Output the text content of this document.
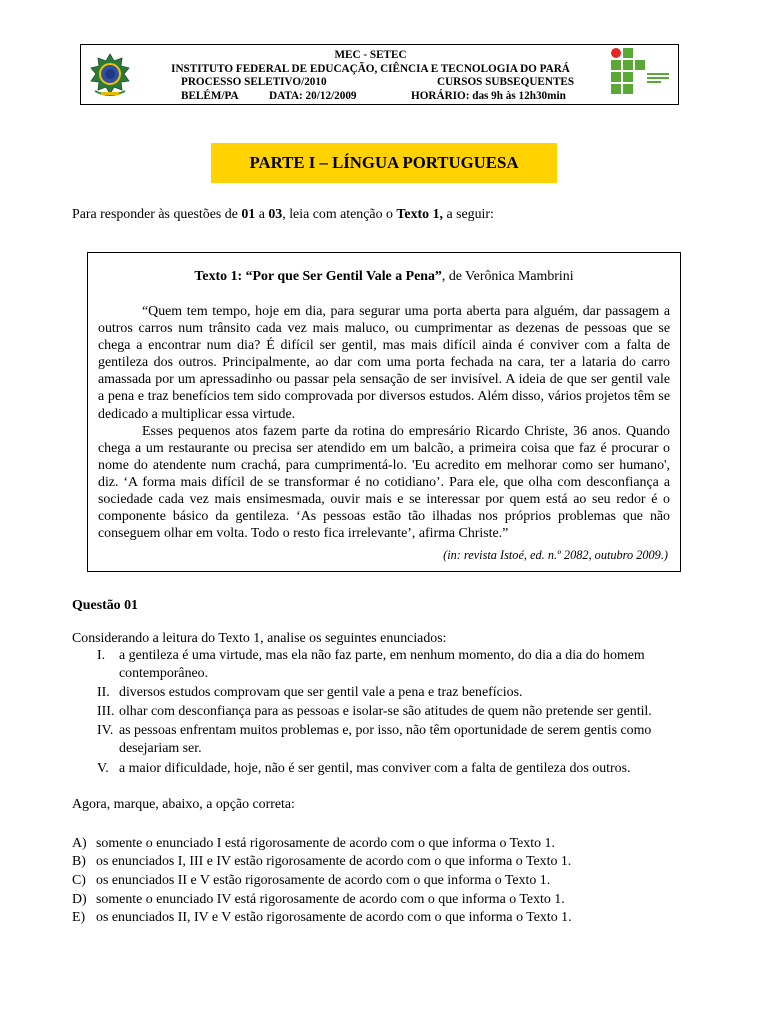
MEC - SETEC
INSTITUTO FEDERAL DE EDUCAÇÃO, CIÊNCIA E TECNOLOGIA DO PARÁ
PROCESSO SELETIVO/2010	CURSOS SUBSEQUENTES
BELÉM/PA	DATA: 20/12/2009	HORÁRIO: das 9h às 12h30min
PARTE I – LÍNGUA PORTUGUESA
Para responder às questões de 01 a 03, leia com atenção o Texto 1, a seguir:
Texto 1: “Por que Ser Gentil Vale a Pena”, de Verônica Mambrini

“Quem tem tempo, hoje em dia, para segurar uma porta aberta para alguém, dar passagem a outros carros num trânsito cada vez mais maluco, ou cumprimentar as dezenas de pessoas que se chega a encontrar num dia? É difícil ser gentil, mas mais difícil ainda é conviver com a falta de gentileza dos outros. Principalmente, ao dar com uma porta fechada na cara, ter a lataria do carro amassada por um apressadinho ou passar pela sensação de ser invisível. A ideia de que ser gentil vale a pena e traz benefícios tem sido comprovada por diversos estudos. Além disso, vários projetos têm se dedicado a multiplicar essa virtude.

Esses pequenos atos fazem parte da rotina do empresário Ricardo Christe, 36 anos. Quando chega a um restaurante ou precisa ser atendido em um balcão, a primeira coisa que faz é procurar o nome do atendente num crachá, para cumprimentá-lo. 'Eu acredito em melhorar como ser humano', diz. ‘A forma mais difícil de se transformar é no cotidiano’. Para ele, que olha com desconfiança a sociedade cada vez mais ensimesmada, ouvir mais e se interessar por quem está ao seu redor é o componente básico da gentileza. ‘As pessoas estão tão ilhadas nos próprios problemas que não conseguem olhar em volta. Todo o resto fica irrelevante’, afirma Christe.”

(in: revista Istoé, ed. n.º 2082, outubro 2009.)
Questão 01
Considerando a leitura do Texto 1, analise os seguintes enunciados:
I. a gentileza é uma virtude, mas ela não faz parte, em nenhum momento, do dia a dia do homem contemporâneo.
II. diversos estudos comprovam que ser gentil vale a pena e traz benefícios.
III. olhar com desconfiança para as pessoas e isolar-se são atitudes de quem não pretende ser gentil.
IV. as pessoas enfrentam muitos problemas e, por isso, não têm oportunidade de serem gentis como desejariam ser.
V. a maior dificuldade, hoje, não é ser gentil, mas conviver com a falta de gentileza dos outros.
Agora, marque, abaixo, a opção correta:
A) somente o enunciado I está rigorosamente de acordo com o que informa o Texto 1.
B) os enunciados I, III e IV estão rigorosamente de acordo com o que informa o Texto 1.
C) os enunciados II e V estão rigorosamente de acordo com o que informa o Texto 1.
D) somente o enunciado IV está rigorosamente de acordo com o que informa o Texto 1.
E) os enunciados II, IV e V estão rigorosamente de acordo com o que informa o Texto 1.
